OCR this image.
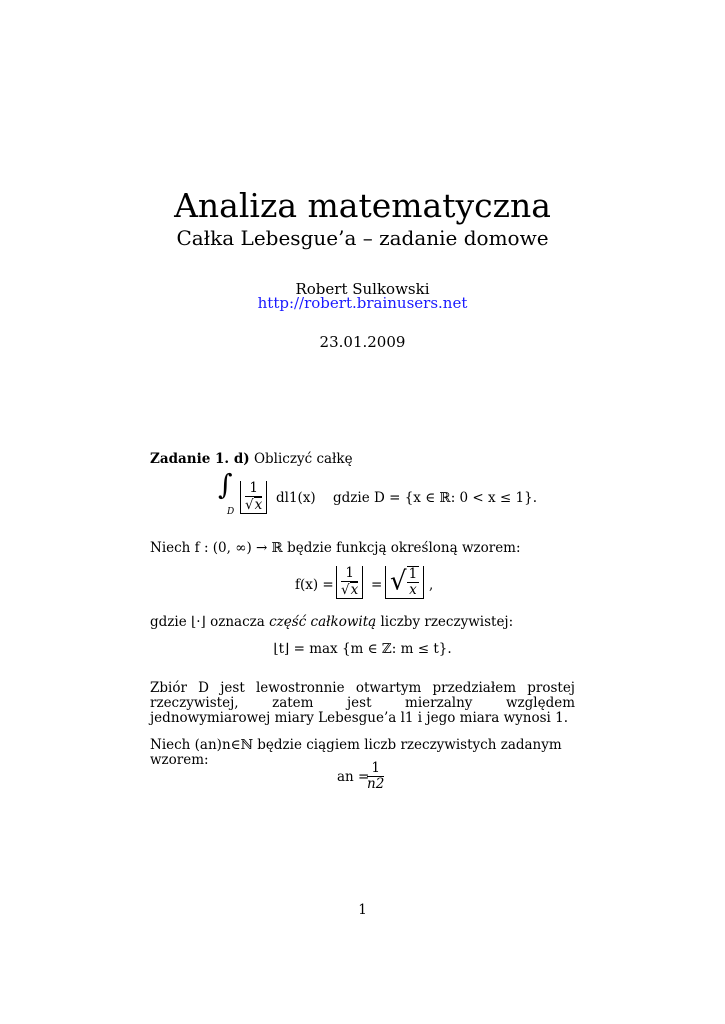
Analiza matematyczna
Całka Lebesgue’a – zadanie domowe
Robert Sulkowski
http://robert.brainusers.net
23.01.2009
Zadanie 1. d) Obliczyć całkę
∫
D $\frac{1}{√x} dl1(x)$ gdzie D = {x ∈ ℝ: 0 < x ≤ 1}.
Niech f : (0, ∞) → ℝ będzie funkcją określoną wzorem:
$f(x) = \frac{1}{√x}$ = √ $\frac{1}{x}$ ,
gdzie ⌊·⌋ oznacza część całkowitą liczby rzeczywistej:
⌊t⌋ = max {m ∈ ℤ: m ≤ t}.
Zbiór D jest lewostronnie otwartym przedziałem prostej rzeczywistej, zatem jest mierzalny względem jednowymiarowej miary Lebesgue’a l1 i jego miara wynosi 1.
Niech (an)n∈ℕ będzie ciągiem liczb rzeczywistych zadanym wzorem:
an =
$\frac{1}{n2}$
1
